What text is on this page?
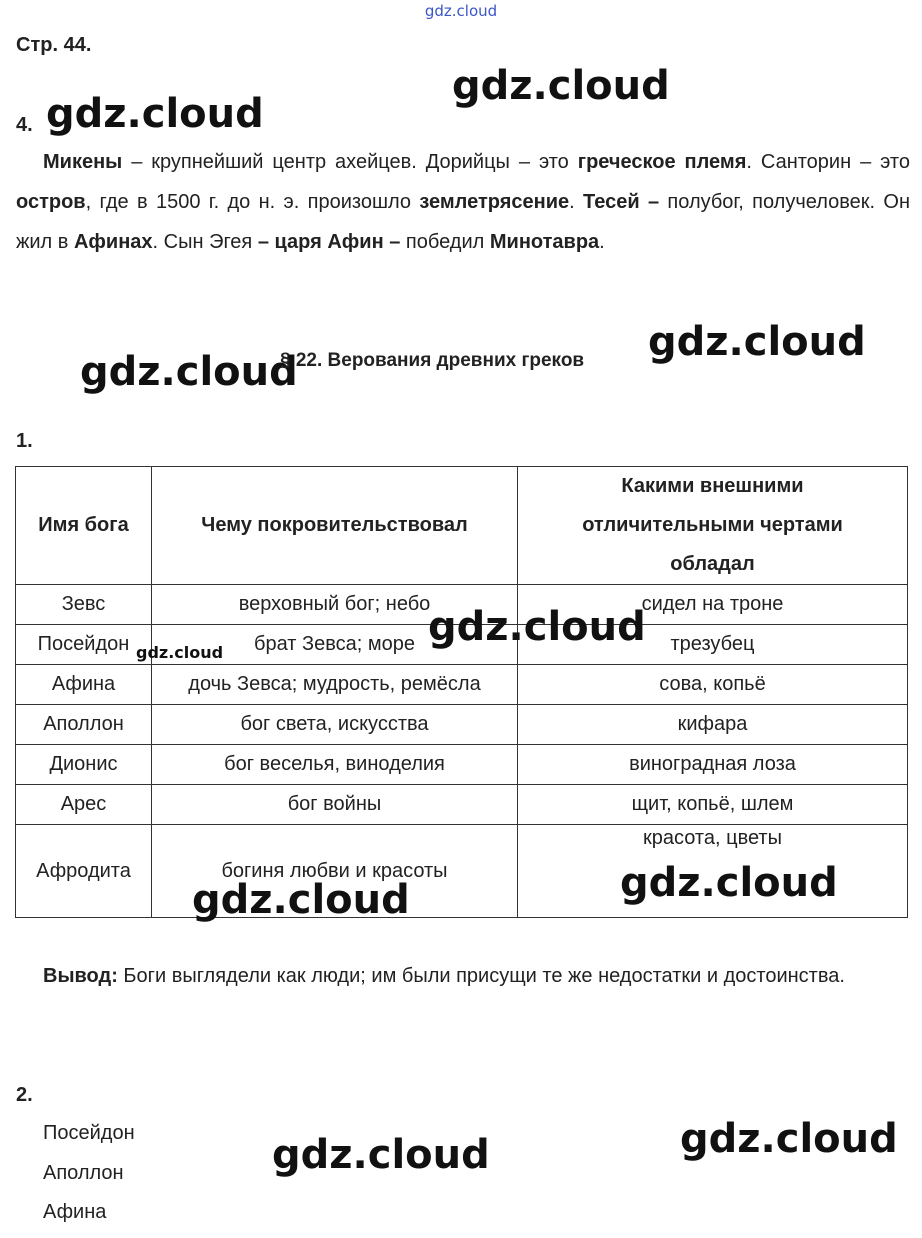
gdz.cloud
Стр. 44.
gdz.cloud
4. gdz.cloud

Микены – крупнейший центр ахейцев. Дорийцы – это греческое племя. Санторин – это остров, где в 1500 г. до н. э. произошло землетрясение. Тесей – полубог, получеловек. Он жил в Афинах. Сын Эгея – царя Афин – победил Минотавра.

gdz.cloud
§ 22. Верования древних греков gdz.cloud
1.
Имя бога	Чему покровительствовал	Какими внешними отличительными чертами обладал
Зевс	верховный бог; небо	сидел на троне
Посейдон	брат Зевса; море	трезубец
Афина	дочь Зевса; мудрость, ремёсла	сова, копьё
Аполлон	бог света, искусства	кифара
Дионис	бог веселья, виноделия	виноградная лоза
Арес	бог войны	щит, копьё, шлем
Афродита	богиня любви и красоты	красота, цветы
gdz.cloud
gdz.cloud
gdz.cloud	gdz.cloud

Вывод: Боги выглядели как люди; им были присущи те же недостатки и достоинства.

2.
Посейдон
Аполлон
Афина
gdz.cloud	gdz.cloud
